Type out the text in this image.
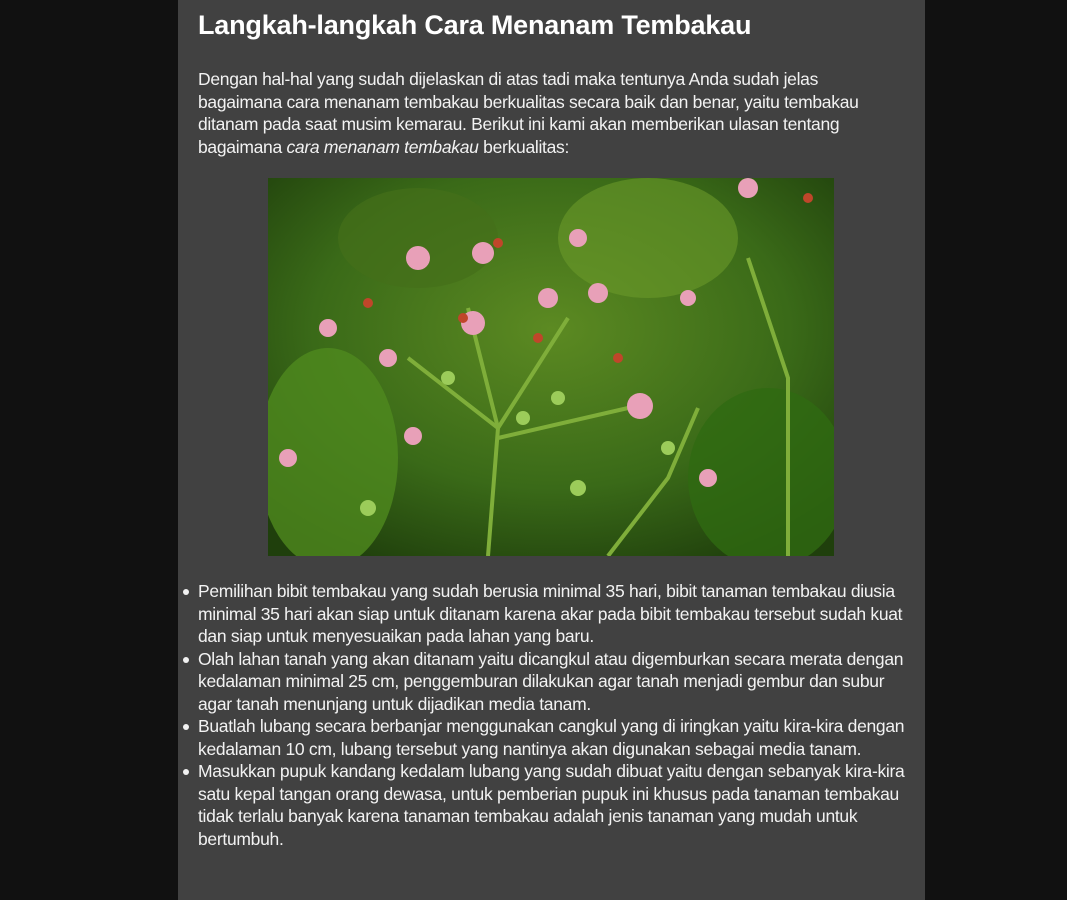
Langkah-langkah Cara Menanam Tembakau

Dengan hal-hal yang sudah dijelaskan di atas tadi maka tentunya Anda sudah jelas bagaimana cara menanam tembakau berkualitas secara baik dan benar, yaitu tembakau ditanam pada saat musim kemarau. Berikut ini kami akan memberikan ulasan tentang bagaimana cara menanam tembakau berkualitas:

Pemilihan bibit tembakau yang sudah berusia minimal 35 hari, bibit tanaman tembakau diusia minimal 35 hari akan siap untuk ditanam karena akar pada bibit tembakau tersebut sudah kuat dan siap untuk menyesuaikan pada lahan yang baru.
Olah lahan tanah yang akan ditanam yaitu dicangkul atau digemburkan secara merata dengan kedalaman minimal 25 cm, penggemburan dilakukan agar tanah menjadi gembur dan subur agar tanah menunjang untuk dijadikan media tanam.
Buatlah lubang secara berbanjar menggunakan cangkul yang di iringkan yaitu kira-kira dengan kedalaman 10 cm, lubang tersebut yang nantinya akan digunakan sebagai media tanam.
Masukkan pupuk kandang kedalam lubang yang sudah dibuat yaitu dengan sebanyak kira-kira satu kepal tangan orang dewasa, untuk pemberian pupuk ini khusus pada tanaman tembakau tidak terlalu banyak karena tanaman tembakau adalah jenis tanaman yang mudah untuk bertumbuh.
